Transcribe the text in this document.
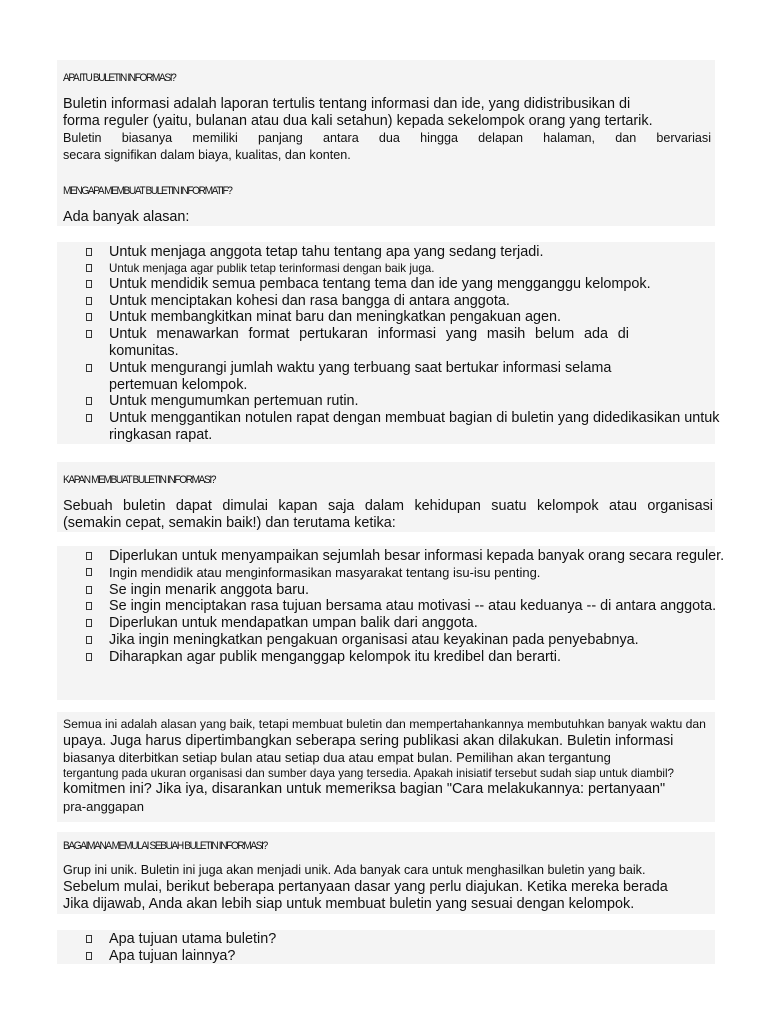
APA ITU BULETIN INFORMASI?
Buletin informasi adalah laporan tertulis tentang informasi dan ide, yang didistribusikan di
forma reguler (yaitu, bulanan atau dua kali setahun) kepada sekelompok orang yang tertarik.
Buletin biasanya memiliki panjang antara dua hingga delapan halaman, dan bervariasi
secara signifikan dalam biaya, kualitas, dan konten.
MENGAPA MEMBUAT BULETIN INFORMATIF?
Ada banyak alasan:
Untuk menjaga anggota tetap tahu tentang apa yang sedang terjadi.
Untuk menjaga agar publik tetap terinformasi dengan baik juga.
Untuk mendidik semua pembaca tentang tema dan ide yang mengganggu kelompok.
Untuk menciptakan kohesi dan rasa bangga di antara anggota.
Untuk membangkitkan minat baru dan meningkatkan pengakuan agen.
Untuk menawarkan format pertukaran informasi yang masih belum ada di komunitas.
Untuk mengurangi jumlah waktu yang terbuang saat bertukar informasi selama pertemuan kelompok.
Untuk mengumumkan pertemuan rutin.
Untuk menggantikan notulen rapat dengan membuat bagian di buletin yang didedikasikan untuk ringkasan rapat.
KAPAN MEMBUAT BULETIN INFORMASI?
Sebuah buletin dapat dimulai kapan saja dalam kehidupan suatu kelompok atau organisasi
(semakin cepat, semakin baik!) dan terutama ketika:
Diperlukan untuk menyampaikan sejumlah besar informasi kepada banyak orang secara reguler.
Ingin mendidik atau menginformasikan masyarakat tentang isu-isu penting.
Se ingin menarik anggota baru.
Se ingin menciptakan rasa tujuan bersama atau motivasi -- atau keduanya -- di antara anggota.
Diperlukan untuk mendapatkan umpan balik dari anggota.
Jika ingin meningkatkan pengakuan organisasi atau keyakinan pada penyebabnya.
Diharapkan agar publik menganggap kelompok itu kredibel dan berarti.
Semua ini adalah alasan yang baik, tetapi membuat buletin dan mempertahankannya membutuhkan banyak waktu dan
upaya. Juga harus dipertimbangkan seberapa sering publikasi akan dilakukan. Buletin informasi
biasanya diterbitkan setiap bulan atau setiap dua atau empat bulan. Pemilihan akan tergantung
tergantung pada ukuran organisasi dan sumber daya yang tersedia. Apakah inisiatif tersebut sudah siap untuk diambil?
komitmen ini? Jika iya, disarankan untuk memeriksa bagian "Cara melakukannya: pertanyaan"
pra-anggapan
BAGAIMANA MEMULAI SEBUAH BULETIN INFORMASI?
Grup ini unik. Buletin ini juga akan menjadi unik. Ada banyak cara untuk menghasilkan buletin yang baik.
Sebelum mulai, berikut beberapa pertanyaan dasar yang perlu diajukan. Ketika mereka berada
Jika dijawab, Anda akan lebih siap untuk membuat buletin yang sesuai dengan kelompok.
Apa tujuan utama buletin?
Apa tujuan lainnya?
